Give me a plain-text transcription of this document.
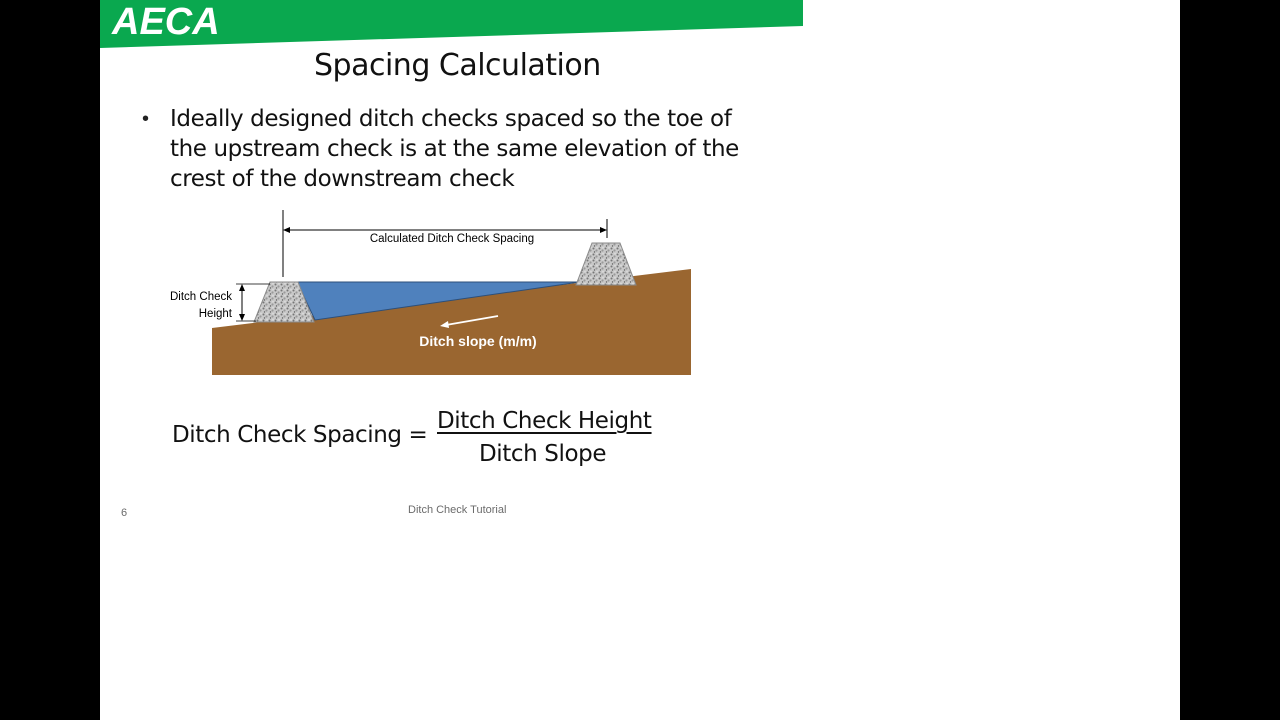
AECA
Spacing Calculation
• Ideally designed ditch checks spaced so the toe of the upstream check is at the same elevation of the crest of the downstream check
Calculated Ditch Check Spacing
Ditch Check
Height
Ditch slope (m/m)
Ditch Check Spacing =
Ditch Check Height
Ditch Slope
6	Ditch Check Tutorial
